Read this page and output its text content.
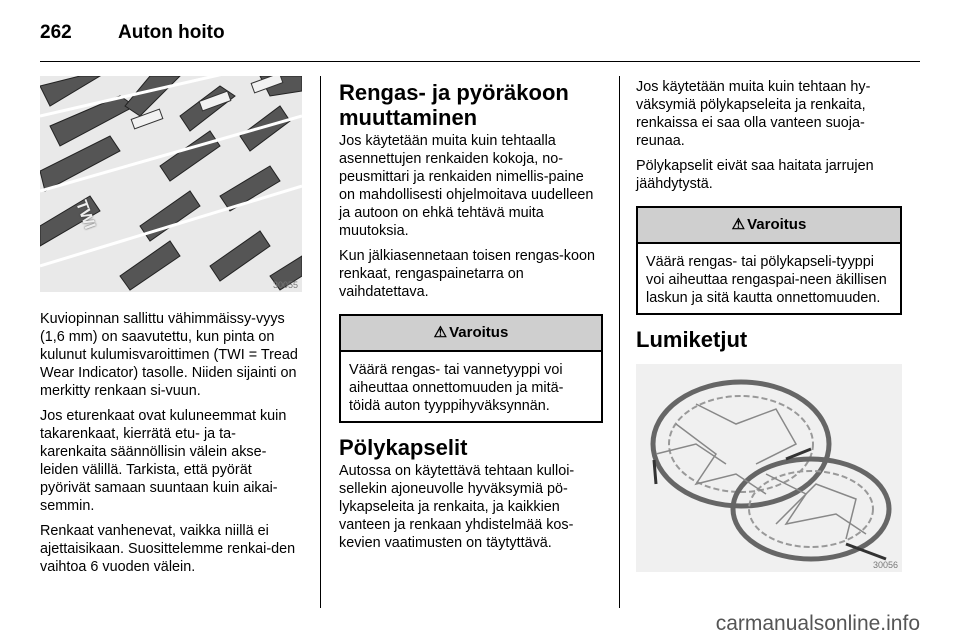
262 Auton hoito
TWI
30055

Kuviopinnan sallittu vähimmäissy-vyys (1,6 mm) on saavutettu, kun pinta on kulunut kulumisvaroittimen (TWI = Tread Wear Indicator) tasolle. Niiden sijainti on merkitty renkaan si-vuun.

Jos eturenkaat ovat kuluneemmat kuin takarenkaat, kierrätä etu- ja ta-karenkaita säännöllisin välein akse-leiden välillä. Tarkista, että pyörät pyörivät samaan suuntaan kuin aikai-semmin.

Renkaat vanhenevat, vaikka niillä ei ajettaisikaan. Suosittelemme renkai-den vaihtoa 6 vuoden välein.

Rengas- ja pyöräkoon muuttaminen

Jos käytetään muita kuin tehtaalla asennettujen renkaiden kokoja, no-peusmittari ja renkaiden nimellis-paine on mahdollisesti ohjelmoitava uudelleen ja autoon on ehkä tehtävä muita muutoksia.

Kun jälkiasennetaan toisen rengas-koon renkaat, rengaspainetarra on vaihdatettava.

⚠ Varoitus
Väärä rengas- tai vannetyyppi voi aiheuttaa onnettomuuden ja mitä-töidä auton tyyppihyväksynnän.
Pölykapselit

Autossa on käytettävä tehtaan kulloi-sellekin ajoneuvolle hyväksymiä pö-lykapseleita ja renkaita, ja kaikkien vanteen ja renkaan yhdistelmää kos-kevien vaatimusten on täytyttävä.

Jos käytetään muita kuin tehtaan hy-väksymiä pölykapseleita ja renkaita, renkaissa ei saa olla vanteen suoja-reunaa.

Pölykapselit eivät saa haitata jarrujen jäähdytystä.

⚠ Varoitus
Väärä rengas- tai pölykapseli-tyyppi voi aiheuttaa rengaspai-neen äkillisen laskun ja sitä kautta onnettomuuden.
Lumiketjut
30056
carmanualsonline.info
